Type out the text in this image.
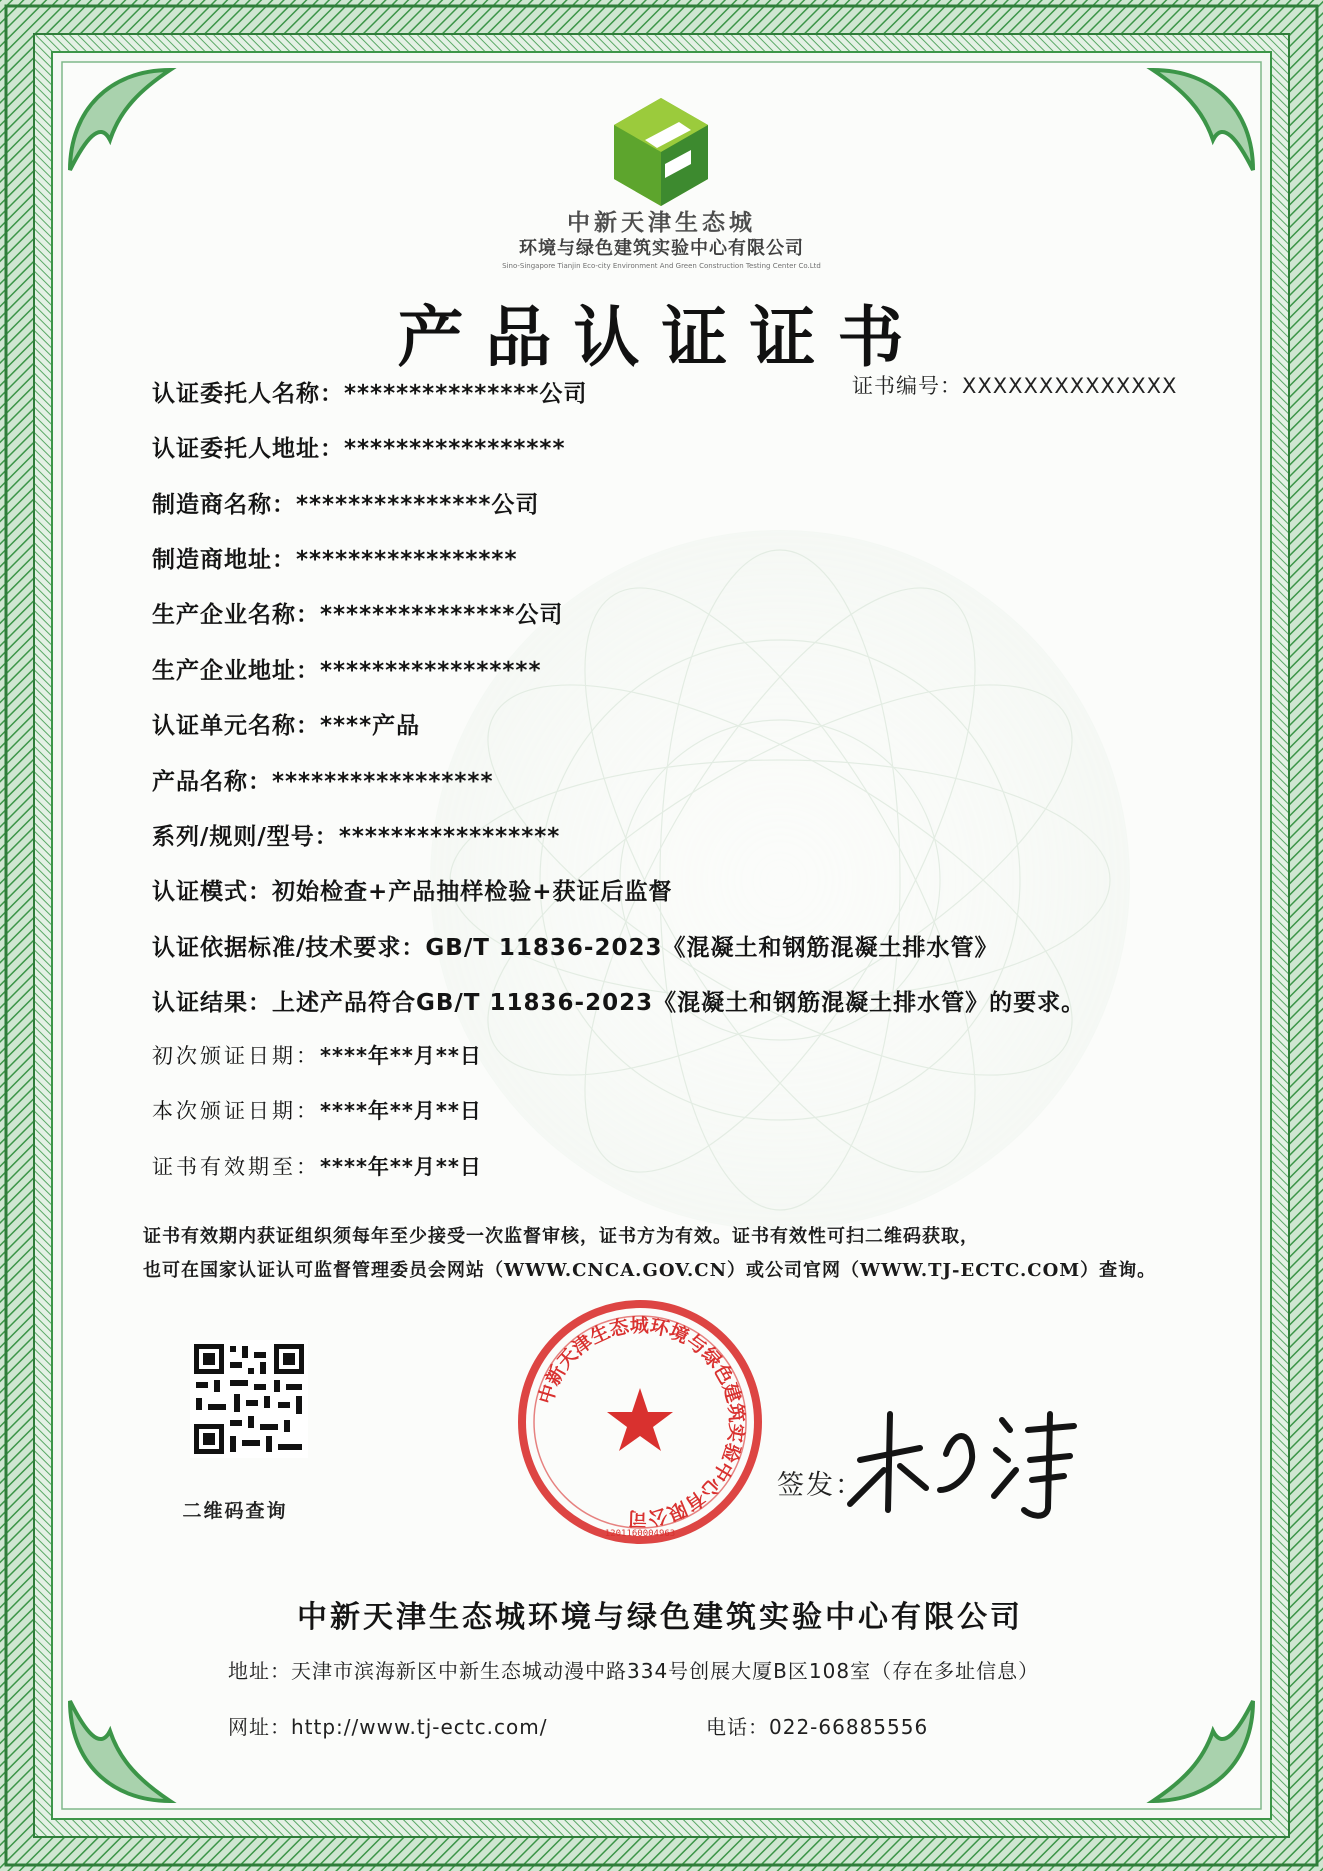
中新天津生态城环境与绿色建筑实验中心有限公司
1201160004963
中新天津生态城
环境与绿色建筑实验中心有限公司
Sino-Singapore Tianjin Eco-city Environment And Green Construction Testing Center Co.Ltd
产品认证证书
证书编号：XXXXXXXXXXXXXX
认证委托人名称：***************公司
认证委托人地址：*****************
制造商名称：***************公司
制造商地址：*****************
生产企业名称：***************公司
生产企业地址：*****************
认证单元名称：****产品
产品名称：*****************
系列/规则/型号：*****************
认证模式：初始检查+产品抽样检验+获证后监督
认证依据标准/技术要求：GB/T 11836-2023《混凝土和钢筋混凝土排水管》
认证结果：上述产品符合GB/T 11836-2023《混凝土和钢筋混凝土排水管》的要求。
初次颁证日期：****年**月**日
本次颁证日期：****年**月**日
证书有效期至：****年**月**日
证书有效期内获证组织须每年至少接受一次监督审核，证书方为有效。证书有效性可扫二维码获取，
也可在国家认证认可监督管理委员会网站（WWW.CNCA.GOV.CN）或公司官网（WWW.TJ-ECTC.COM）查询。
二维码查询
签发：
中新天津生态城环境与绿色建筑实验中心有限公司
地址：天津市滨海新区中新生态城动漫中路334号创展大厦B区108室（存在多址信息）
网址：http://www.tj-ectc.com/	电话：022-66885556
